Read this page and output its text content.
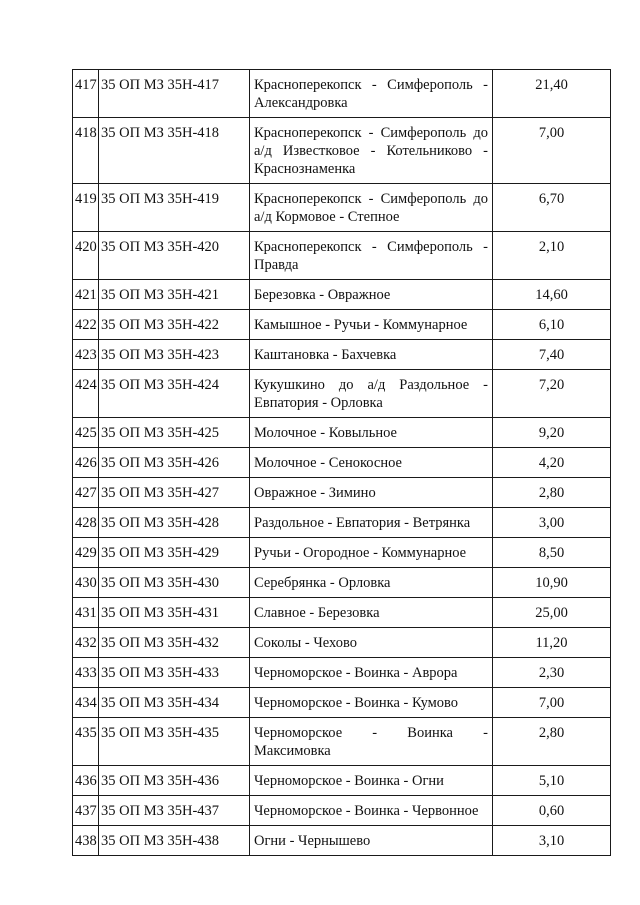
417	35 ОП МЗ 35Н-417	Красноперекопск - Симферополь - Александровка	21,40
418	35 ОП МЗ 35Н-418	Красноперекопск - Симферополь до а/д Известковое - Котельниково - Краснознаменка	7,00
419	35 ОП МЗ 35Н-419	Красноперекопск - Симферополь до а/д Кормовое - Степное	6,70
420	35 ОП МЗ 35Н-420	Красноперекопск - Симферополь - Правда	2,10
421	35 ОП МЗ 35Н-421	Березовка - Овражное	14,60
422	35 ОП МЗ 35Н-422	Камышное - Ручьи - Коммунарное	6,10
423	35 ОП МЗ 35Н-423	Каштановка - Бахчевка	7,40
424	35 ОП МЗ 35Н-424	Кукушкино до а/д Раздольное - Евпатория - Орловка	7,20
425	35 ОП МЗ 35Н-425	Молочное - Ковыльное	9,20
426	35 ОП МЗ 35Н-426	Молочное - Сенокосное	4,20
427	35 ОП МЗ 35Н-427	Овражное - Зимино	2,80
428	35 ОП МЗ 35Н-428	Раздольное - Евпатория - Ветрянка	3,00
429	35 ОП МЗ 35Н-429	Ручьи - Огородное - Коммунарное	8,50
430	35 ОП МЗ 35Н-430	Серебрянка - Орловка	10,90
431	35 ОП МЗ 35Н-431	Славное - Березовка	25,00
432	35 ОП МЗ 35Н-432	Соколы - Чехово	11,20
433	35 ОП МЗ 35Н-433	Черноморское - Воинка - Аврора	2,30
434	35 ОП МЗ 35Н-434	Черноморское - Воинка - Кумово	7,00
435	35 ОП МЗ 35Н-435	Черноморское - Воинка - Максимовка	2,80
436	35 ОП МЗ 35Н-436	Черноморское - Воинка - Огни	5,10
437	35 ОП МЗ 35Н-437	Черноморское - Воинка - Червонное	0,60
438	35 ОП МЗ 35Н-438	Огни - Чернышево	3,10
